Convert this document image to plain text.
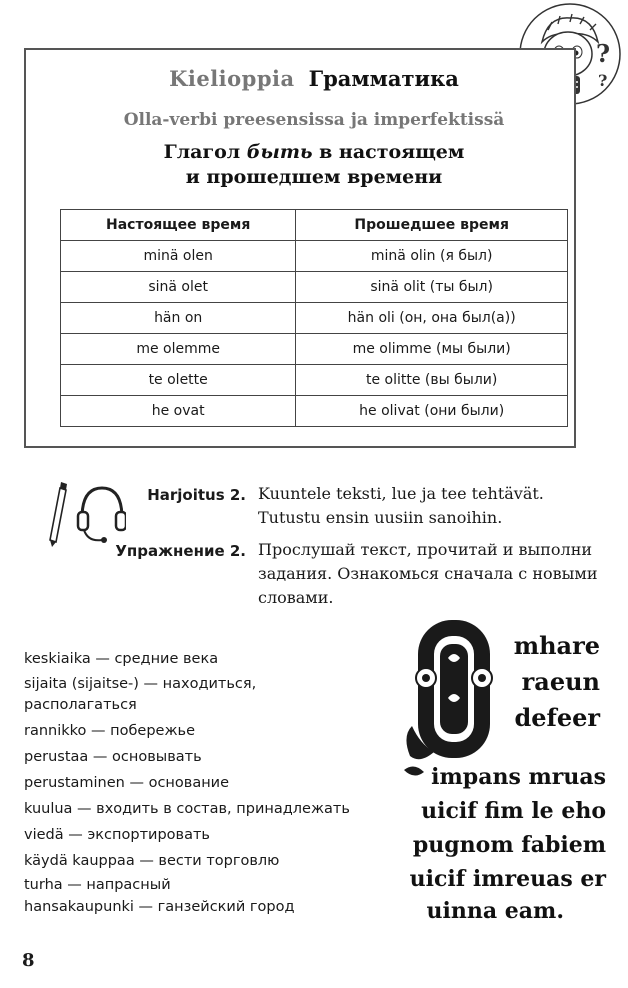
?
?
Kielioppia Грамматика
Olla-verbi preesensissa ja imperfektissä
Глагол быть в настоящем
и прошедшем времени
Настоящее время	Прошедшее время
minä olen	minä olin (я был)
sinä olet	sinä olit (ты был)
hän on	hän oli (он, она был(а))
me olemme	me olimme (мы были)
te olette	te olitte (вы были)
he ovat	he olivat (они были)
Harjoitus 2. Kuuntele teksti, lue ja tee tehtävät. Tutustu ensin uusiin sanoihin.
Упражнение 2. Прослушай текст, прочитай и выполни задания. Ознакомься сначала с новыми словами.
keskiaika — средние века
sijaita (sijaitse-) — находиться, располагаться
rannikko — побережье
perustaa — основывать
perustaminen — основание
kuulua — входить в состав, принадлежать
viedä — экспортировать
käydä kauppaa — вести торговлю
turha — напрасный
hansakaupunki — ганзейский город
mhare
raeun
defeer
impans mruas
uicif fim le eho
pugnom fabiem
uicif imreuas er
uinna eam.
8
